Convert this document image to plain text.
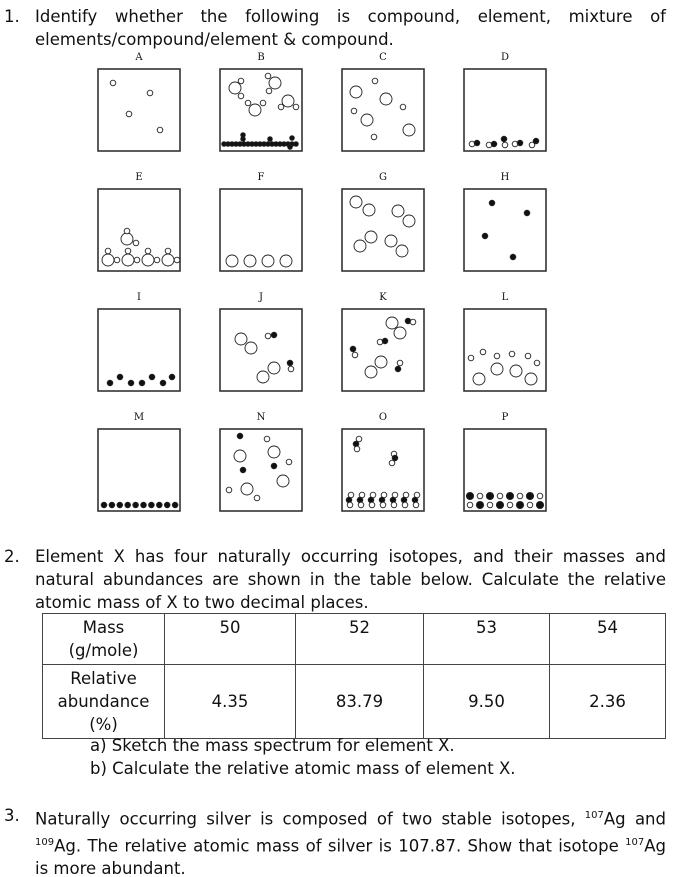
1. Identify whether the following is compound, element, mixture of elements/compound/element & compound.
A	B	C	D
E	F	G	H
I	J	K	L
M	N	O	P
2. Element X has four naturally occurring isotopes, and their masses and natural abundances are shown in the table below. Calculate the relative atomic mass of X to two decimal places.
Mass (g/mole)	50	52	53	54
Relative abundance (%)	4.35	83.79	9.50	2.36
a) Sketch the mass spectrum for element X.
b) Calculate the relative atomic mass of element X.
3. Naturally occurring silver is composed of two stable isotopes, $^{107}$Ag and $^{109}$Ag. The relative atomic mass of silver is 107.87. Show that isotope $^{107}$Ag is more abundant.
